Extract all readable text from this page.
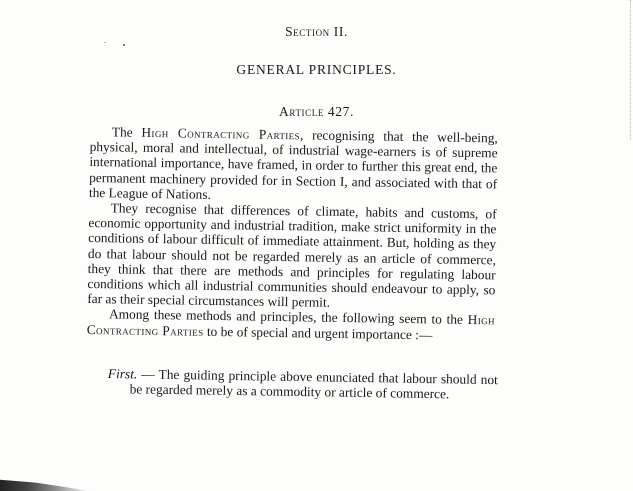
Section II.
GENERAL PRINCIPLES.
Article 427.

The High Contracting Parties, recognising that the well-being, physical, moral and intellectual, of industrial wage-earners is of supreme international importance, have framed, in order to further this great end, the permanent machinery provided for in Section I, and associated with that of the League of Nations.

They recognise that differences of climate, habits and customs, of economic opportunity and industrial tradition, make strict uniformity in the conditions of labour difficult of immediate attainment. But, holding as they do that labour should not be regarded merely as an article of commerce, they think that there are methods and principles for regulating labour conditions which all industrial communities should endeavour to apply, so far as their special circumstances will permit.

Among these methods and principles, the following seem to the High Contracting Parties to be of special and urgent importance :—

First. — The guiding principle above enunciated that labour should not be regarded merely as a commodity or article of commerce.
